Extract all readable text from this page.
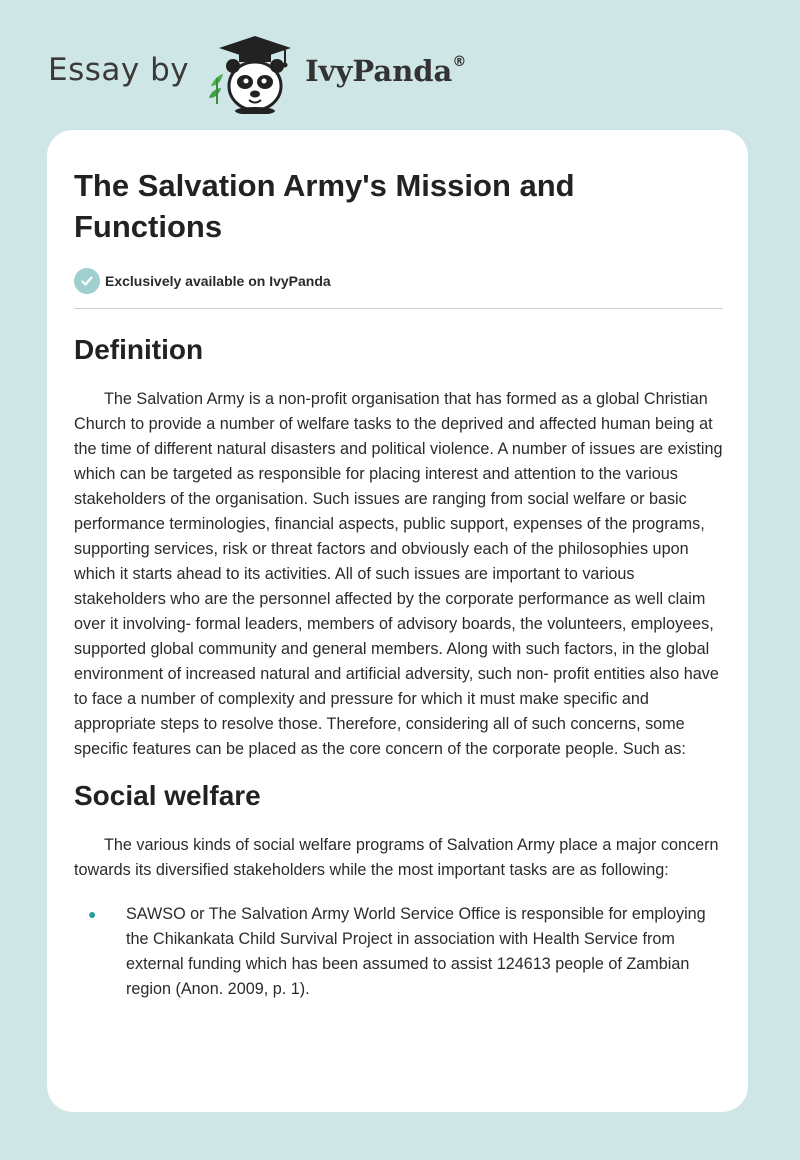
Essay by	IvyPanda®
The Salvation Army's Mission and Functions
Exclusively available on IvyPanda
Definition

The Salvation Army is a non-profit organisation that has formed as a global Christian Church to provide a number of welfare tasks to the deprived and affected human being at the time of different natural disasters and political violence. A number of issues are existing which can be targeted as responsible for placing interest and attention to the various stakeholders of the organisation. Such issues are ranging from social welfare or basic performance terminologies, financial aspects, public support, expenses of the programs, supporting services, risk or threat factors and obviously each of the philosophies upon which it starts ahead to its activities. All of such issues are important to various stakeholders who are the personnel affected by the corporate performance as well claim over it involving- formal leaders, members of advisory boards, the volunteers, employees, supported global community and general members. Along with such factors, in the global environment of increased natural and artificial adversity, such non- profit entities also have to face a number of complexity and pressure for which it must make specific and appropriate steps to resolve those. Therefore, considering all of such concerns, some specific features can be placed as the core concern of the corporate people. Such as:

Social welfare

The various kinds of social welfare programs of Salvation Army place a major concern towards its diversified stakeholders while the most important tasks are as following:

● SAWSO or The Salvation Army World Service Office is responsible for employing the Chikankata Child Survival Project in association with Health Service from external funding which has been assumed to assist 124613 people of Zambian region (Anon. 2009, p. 1).
